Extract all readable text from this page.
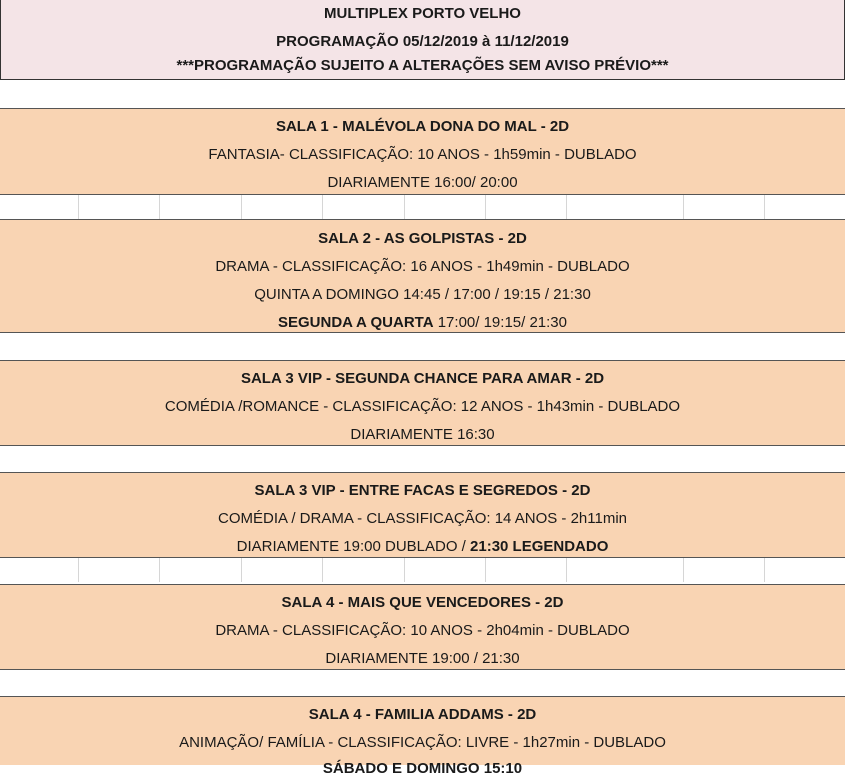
MULTIPLEX PORTO VELHO
PROGRAMAÇÃO 05/12/2019 à 11/12/2019
***PROGRAMAÇÃO SUJEITO A ALTERAÇÕES SEM AVISO PRÉVIO***
SALA 1 - MALÉVOLA DONA DO MAL - 2D
FANTASIA- CLASSIFICAÇÃO: 10 ANOS - 1h59min - DUBLADO
DIARIAMENTE 16:00/ 20:00
SALA 2 - AS GOLPISTAS - 2D
DRAMA - CLASSIFICAÇÃO: 16 ANOS - 1h49min - DUBLADO
QUINTA A DOMINGO 14:45 / 17:00 / 19:15 / 21:30
SEGUNDA A QUARTA 17:00/ 19:15/ 21:30
SALA 3 VIP - SEGUNDA CHANCE PARA AMAR - 2D
COMÉDIA /ROMANCE - CLASSIFICAÇÃO: 12 ANOS - 1h43min - DUBLADO
DIARIAMENTE 16:30
SALA 3 VIP - ENTRE FACAS E SEGREDOS - 2D
COMÉDIA / DRAMA - CLASSIFICAÇÃO: 14 ANOS - 2h11min
DIARIAMENTE 19:00 DUBLADO / 21:30 LEGENDADO
SALA 4 - MAIS QUE VENCEDORES - 2D
DRAMA - CLASSIFICAÇÃO: 10 ANOS - 2h04min - DUBLADO
DIARIAMENTE 19:00 / 21:30
SALA 4 - FAMILIA ADDAMS - 2D
ANIMAÇÃO/ FAMÍLIA - CLASSIFICAÇÃO: LIVRE - 1h27min - DUBLADO
SÁBADO E DOMINGO 15:10
